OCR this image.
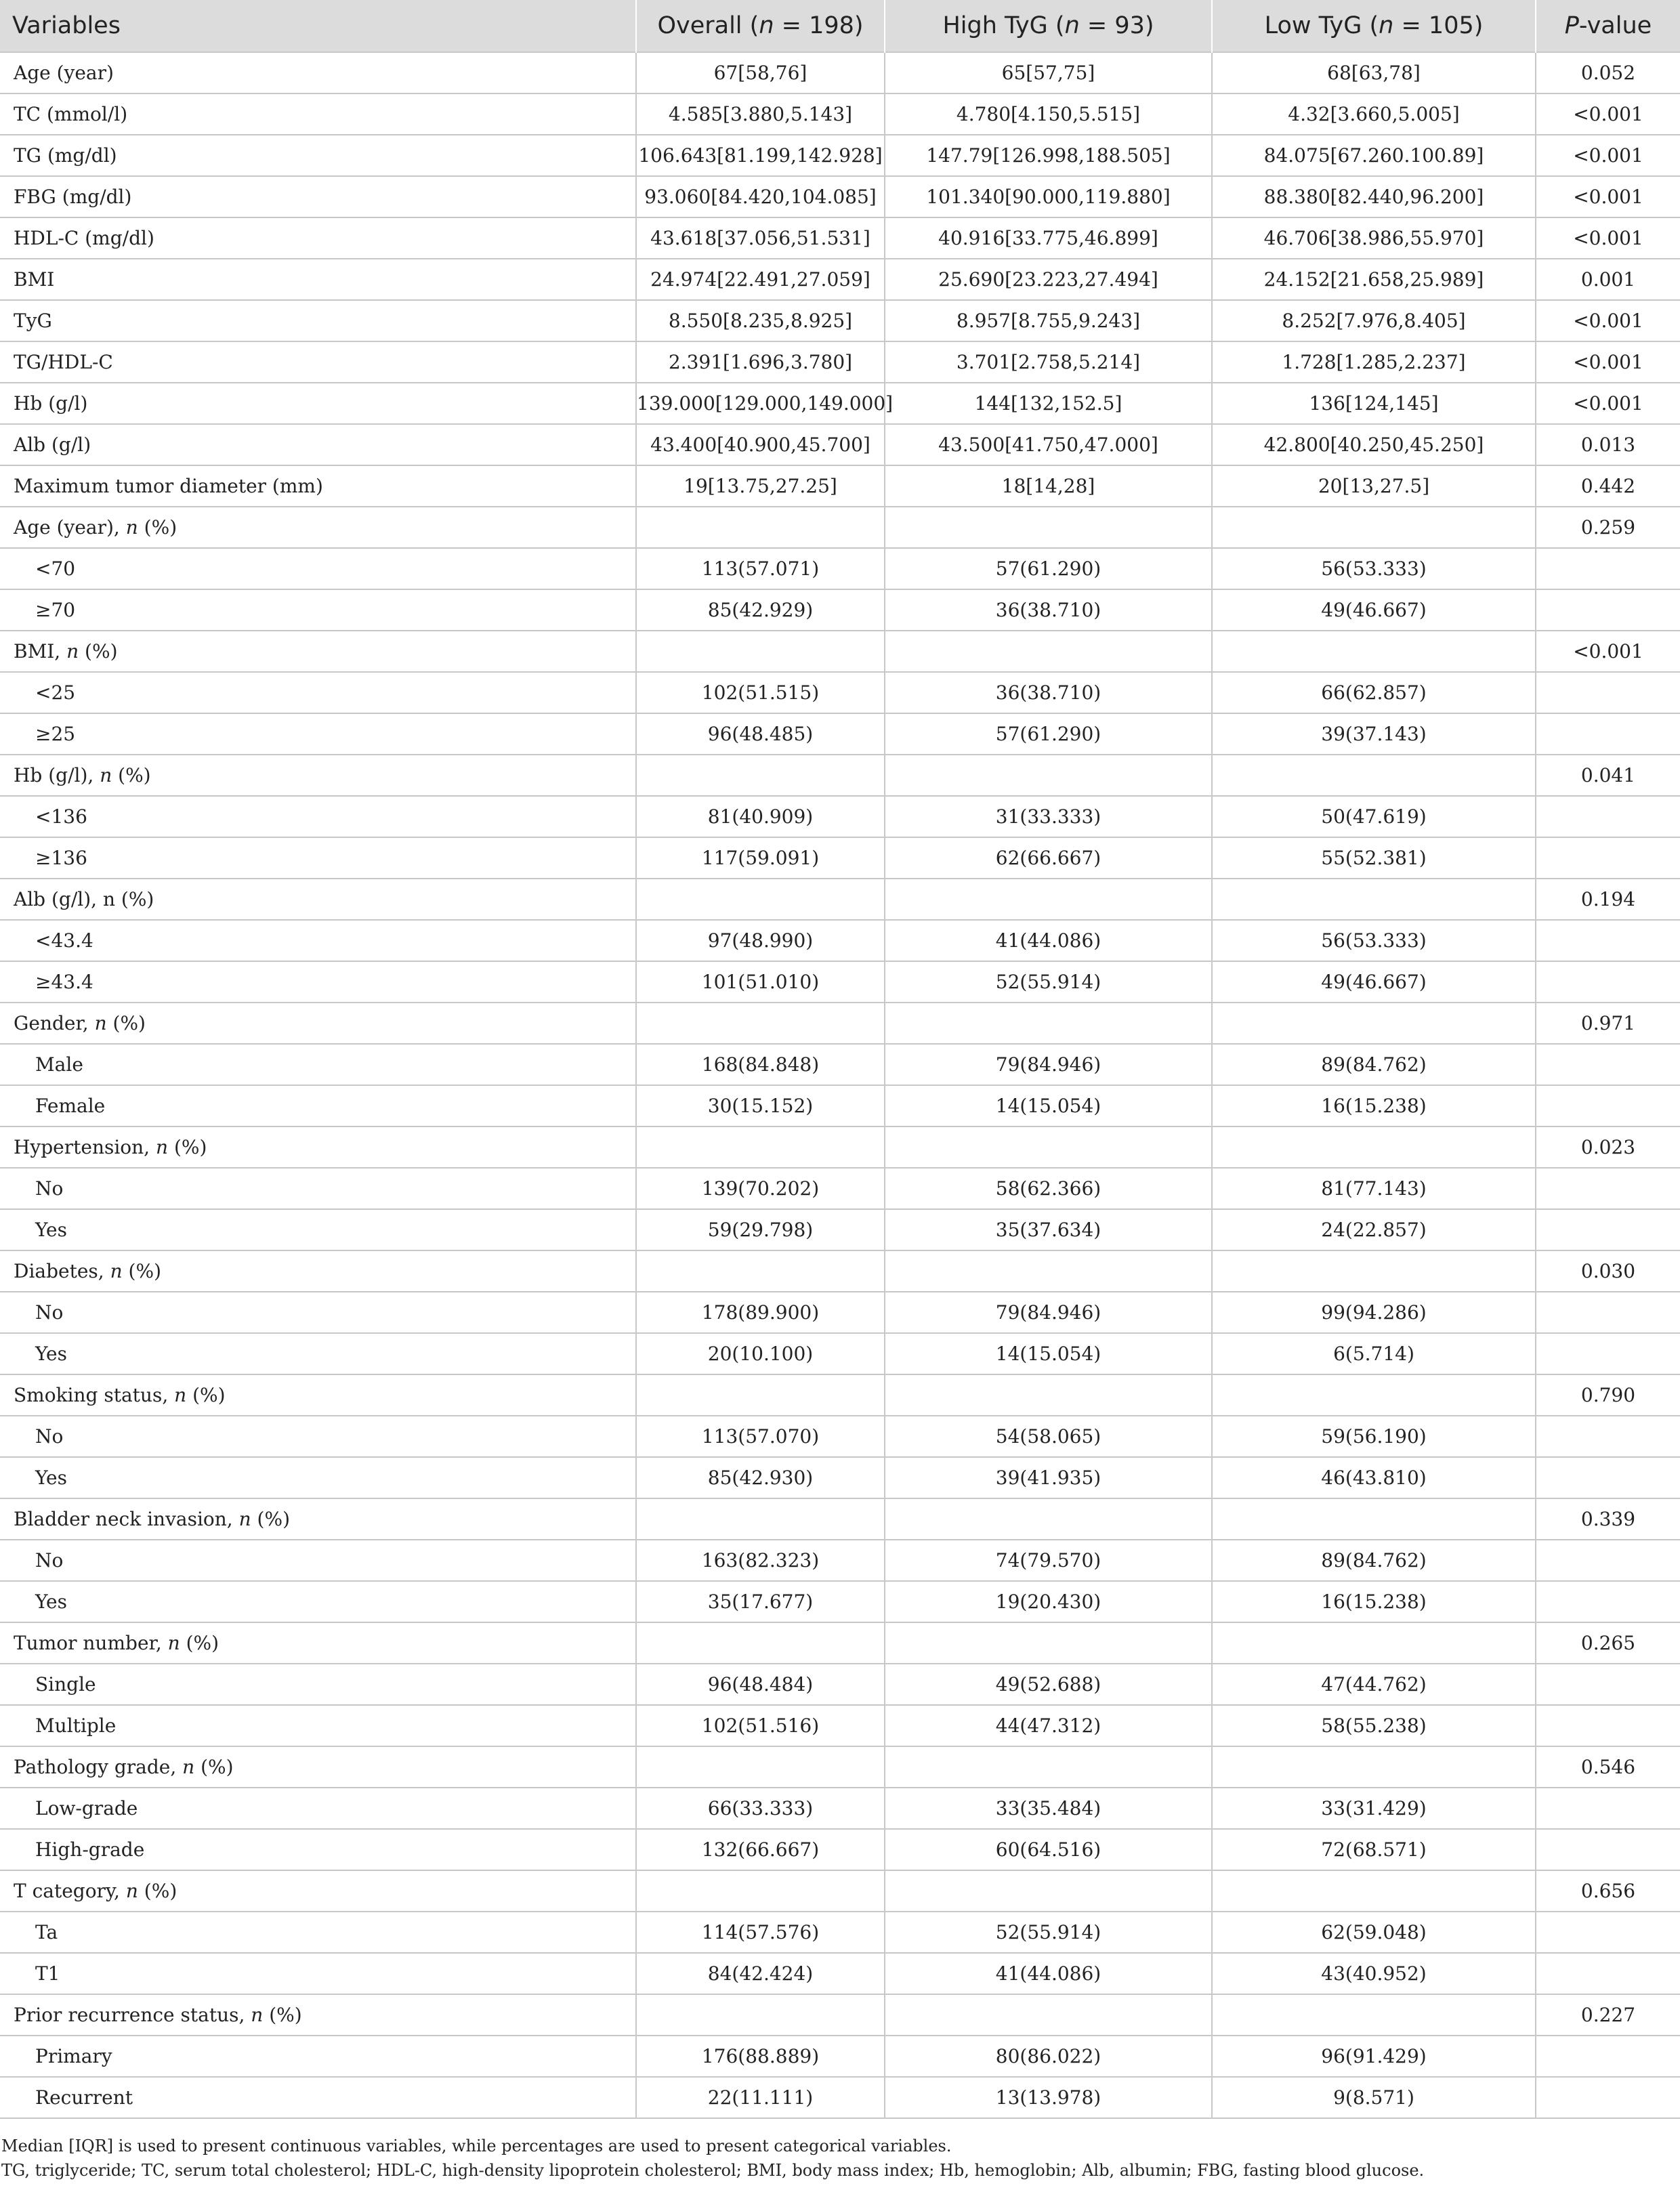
Variables	Overall (n = 198)	High TyG (n = 93)	Low TyG (n = 105)	P-value
Age (year)	67[58,76]	65[57,75]	68[63,78]	0.052
TC (mmol/l)	4.585[3.880,5.143]	4.780[4.150,5.515]	4.32[3.660,5.005]	<0.001
TG (mg/dl)	106.643[81.199,142.928]	147.79[126.998,188.505]	84.075[67.260.100.89]	<0.001
FBG (mg/dl)	93.060[84.420,104.085]	101.340[90.000,119.880]	88.380[82.440,96.200]	<0.001
HDL-C (mg/dl)	43.618[37.056,51.531]	40.916[33.775,46.899]	46.706[38.986,55.970]	<0.001
BMI	24.974[22.491,27.059]	25.690[23.223,27.494]	24.152[21.658,25.989]	0.001
TyG	8.550[8.235,8.925]	8.957[8.755,9.243]	8.252[7.976,8.405]	<0.001
TG/HDL-C	2.391[1.696,3.780]	3.701[2.758,5.214]	1.728[1.285,2.237]	<0.001
Hb (g/l)	139.000[129.000,149.000]	144[132,152.5]	136[124,145]	<0.001
Alb (g/l)	43.400[40.900,45.700]	43.500[41.750,47.000]	42.800[40.250,45.250]	0.013
Maximum tumor diameter (mm)	19[13.75,27.25]	18[14,28]	20[13,27.5]	0.442
Age (year), n (%)				0.259
<70	113(57.071)	57(61.290)	56(53.333)	
≥70	85(42.929)	36(38.710)	49(46.667)	
BMI, n (%)				<0.001
<25	102(51.515)	36(38.710)	66(62.857)	
≥25	96(48.485)	57(61.290)	39(37.143)	
Hb (g/l), n (%)				0.041
<136	81(40.909)	31(33.333)	50(47.619)	
≥136	117(59.091)	62(66.667)	55(52.381)	
Alb (g/l), n (%)				0.194
<43.4	97(48.990)	41(44.086)	56(53.333)	
≥43.4	101(51.010)	52(55.914)	49(46.667)	
Gender, n (%)				0.971
Male	168(84.848)	79(84.946)	89(84.762)	
Female	30(15.152)	14(15.054)	16(15.238)	
Hypertension, n (%)				0.023
No	139(70.202)	58(62.366)	81(77.143)	
Yes	59(29.798)	35(37.634)	24(22.857)	
Diabetes, n (%)				0.030
No	178(89.900)	79(84.946)	99(94.286)	
Yes	20(10.100)	14(15.054)	6(5.714)	
Smoking status, n (%)				0.790
No	113(57.070)	54(58.065)	59(56.190)	
Yes	85(42.930)	39(41.935)	46(43.810)	
Bladder neck invasion, n (%)				0.339
No	163(82.323)	74(79.570)	89(84.762)	
Yes	35(17.677)	19(20.430)	16(15.238)	
Tumor number, n (%)				0.265
Single	96(48.484)	49(52.688)	47(44.762)	
Multiple	102(51.516)	44(47.312)	58(55.238)	
Pathology grade, n (%)				0.546
Low-grade	66(33.333)	33(35.484)	33(31.429)	
High-grade	132(66.667)	60(64.516)	72(68.571)	
T category, n (%)				0.656
Ta	114(57.576)	52(55.914)	62(59.048)	
T1	84(42.424)	41(44.086)	43(40.952)	
Prior recurrence status, n (%)				0.227
Primary	176(88.889)	80(86.022)	96(91.429)	
Recurrent	22(11.111)	13(13.978)	9(8.571)	
Median [IQR] is used to present continuous variables, while percentages are used to present categorical variables.
TG, triglyceride; TC, serum total cholesterol; HDL-C, high-density lipoprotein cholesterol; BMI, body mass index; Hb, hemoglobin; Alb, albumin; FBG, fasting blood glucose.
